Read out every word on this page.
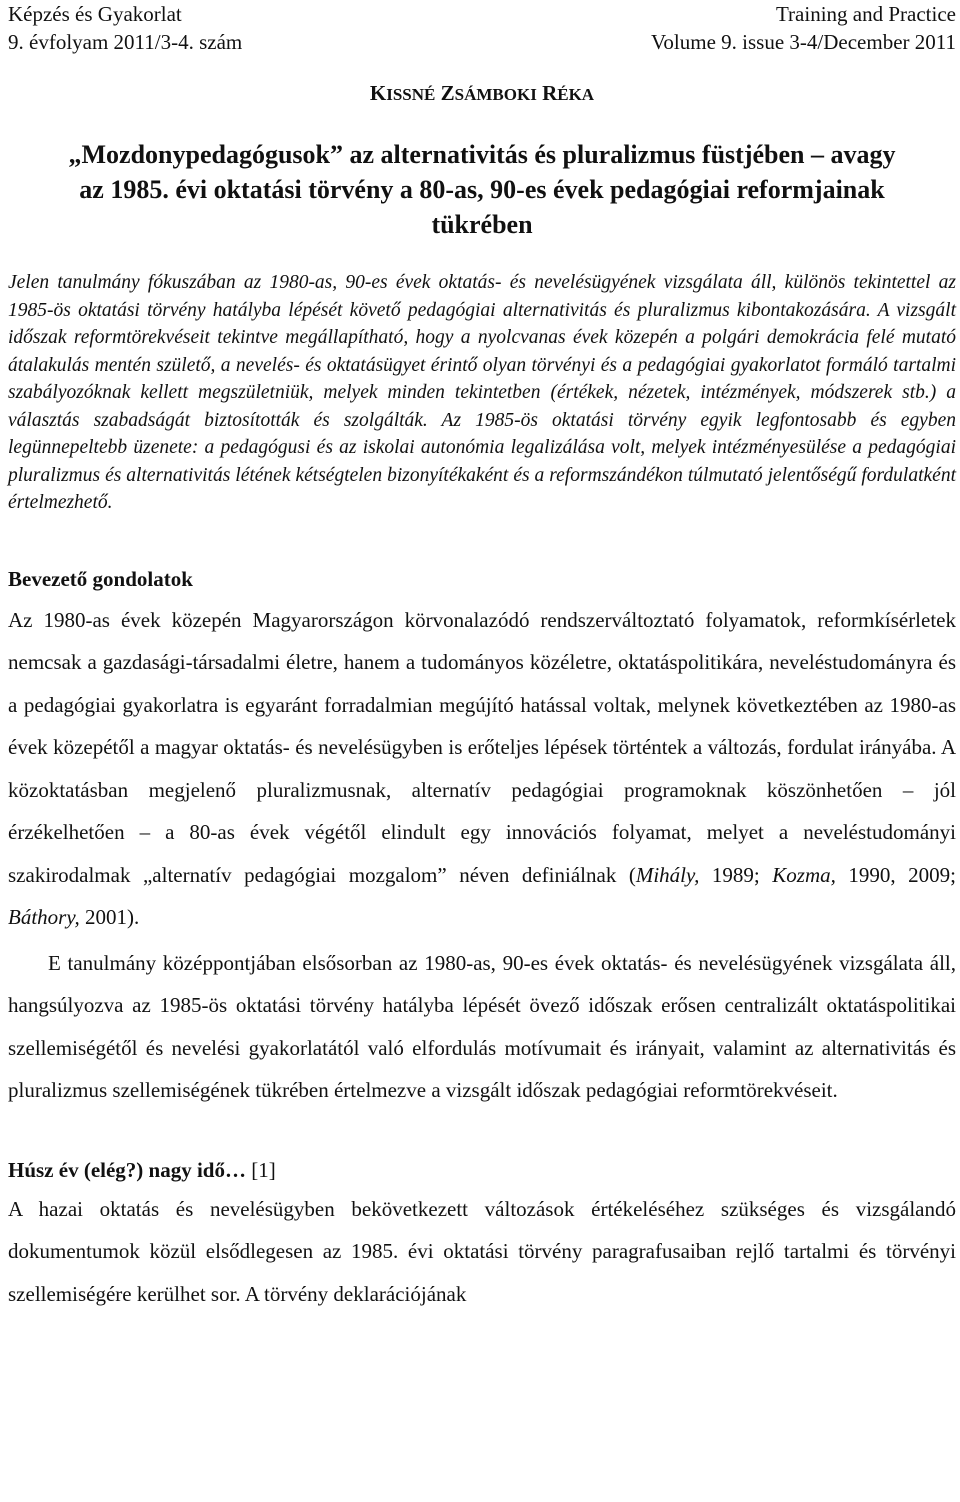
Képzés és Gyakorlat	Training and Practice
9. évfolyam 2011/3-4. szám	Volume 9. issue 3-4/December 2011
KISSNÉ ZSÁMBOKI RÉKA
„Mozdonypedagógusok” az alternativitás és pluralizmus füstjében – avagy
az 1985. évi oktatási törvény a 80-as, 90-es évek pedagógiai reformjainak
tükrében
Jelen tanulmány fókuszában az 1980-as, 90-es évek oktatás- és nevelésügyének vizsgálata áll, különös tekintettel az 1985-ös oktatási törvény hatályba lépését követő pedagógiai alternativitás és pluralizmus kibontakozására. A vizsgált időszak reformtörekvéseit tekintve megállapítható, hogy a nyolcvanas évek közepén a polgári demokrácia felé mutató átalakulás mentén születő, a nevelés- és oktatásügyet érintő olyan törvényi és a pedagógiai gyakorlatot formáló tartalmi szabályozóknak kellett megszületniük, melyek minden tekintetben (értékek, nézetek, intézmények, módszerek stb.) a választás szabadságát biztosították és szolgálták. Az 1985-ös oktatási törvény egyik legfontosabb és egyben legünnepeltebb üzenete: a pedagógusi és az iskolai autonómia legalizálása volt, melyek intézményesülése a pedagógiai pluralizmus és alternativitás létének kétségtelen bizonyítékaként és a reformszándékon túlmutató jelentőségű fordulatként értelmezhető.
Bevezető gondolatok

Az 1980-as évek közepén Magyarországon körvonalazódó rendszerváltoztató folyamatok, reformkísérletek nemcsak a gazdasági-társadalmi életre, hanem a tudományos közéletre, oktatáspolitikára, neveléstudományra és a pedagógiai gyakorlatra is egyaránt forradalmian megújító hatással voltak, melynek következtében az 1980-as évek közepétől a magyar oktatás- és nevelésügyben is erőteljes lépések történtek a változás, fordulat irányába. A közoktatásban megjelenő pluralizmusnak, alternatív pedagógiai programoknak köszönhetően – jól érzékelhetően – a 80-as évek végétől elindult egy innovációs folyamat, melyet a neveléstudományi szakirodalmak „alternatív pedagógiai mozgalom” néven definiálnak (Mihály, 1989; Kozma, 1990, 2009; Báthory, 2001).

E tanulmány középpontjában elsősorban az 1980-as, 90-es évek oktatás- és nevelésügyének vizsgálata áll, hangsúlyozva az 1985-ös oktatási törvény hatályba lépését övező időszak erősen centralizált oktatáspolitikai szellemiségétől és nevelési gyakorlatától való elfordulás motívumait és irányait, valamint az alternativitás és pluralizmus szellemiségének tükrében értelmezve a vizsgált időszak pedagógiai reformtörekvéseit.

Húsz év (elég?) nagy idő… [1]

A hazai oktatás és nevelésügyben bekövetkezett változások értékeléséhez szükséges és vizsgálandó dokumentumok közül elsődlegesen az 1985. évi oktatási törvény paragrafusaiban rejlő tartalmi és törvényi szellemiségére kerülhet sor. A törvény deklarációjának
